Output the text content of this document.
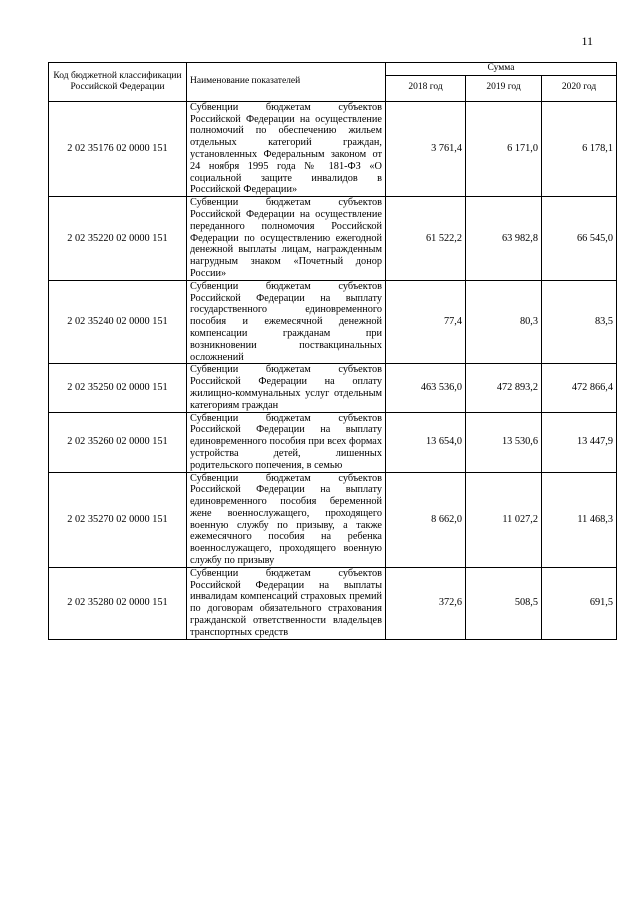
11
Код бюджетной классификации Российской Федерации	Наименование показателей	Сумма		
		2018 год	2019 год	2020 год
2 02 35176 02 0000 151	Субвенции бюджетам субъектов Российской Федерации на осуществление полномочий по обеспечению жильем отдельных категорий граждан, установленных Федеральным законом от 24 ноября 1995 года № 181-ФЗ «О социальной защите инвалидов в Российской Федерации»	3 761,4	6 171,0	6 178,1
2 02 35220 02 0000 151	Субвенции бюджетам субъектов Российской Федерации на осуществление переданного полномочия Российской Федерации по осуществлению ежегодной денежной выплаты лицам, награжденным нагрудным знаком «Почетный донор России»	61 522,2	63 982,8	66 545,0
2 02 35240 02 0000 151	Субвенции бюджетам субъектов Российской Федерации на выплату государственного единовременного пособия и ежемесячной денежной компенсации гражданам при возникновении поствакцинальных осложнений	77,4	80,3	83,5
2 02 35250 02 0000 151	Субвенции бюджетам субъектов Российской Федерации на оплату жилищно-коммунальных услуг отдельным категориям граждан	463 536,0	472 893,2	472 866,4
2 02 35260 02 0000 151	Субвенции бюджетам субъектов Российской Федерации на выплату единовременного пособия при всех формах устройства детей, лишенных родительского попечения, в семью	13 654,0	13 530,6	13 447,9
2 02 35270 02 0000 151	Субвенции бюджетам субъектов Российской Федерации на выплату единовременного пособия беременной жене военнослужащего, проходящего военную службу по призыву, а также ежемесячного пособия на ребенка военнослужащего, проходящего военную службу по призыву	8 662,0	11 027,2	11 468,3
2 02 35280 02 0000 151	Субвенции бюджетам субъектов Российской Федерации на выплаты инвалидам компенсаций страховых премий по договорам обязательного страхования гражданской ответственности владельцев транспортных средств	372,6	508,5	691,5
